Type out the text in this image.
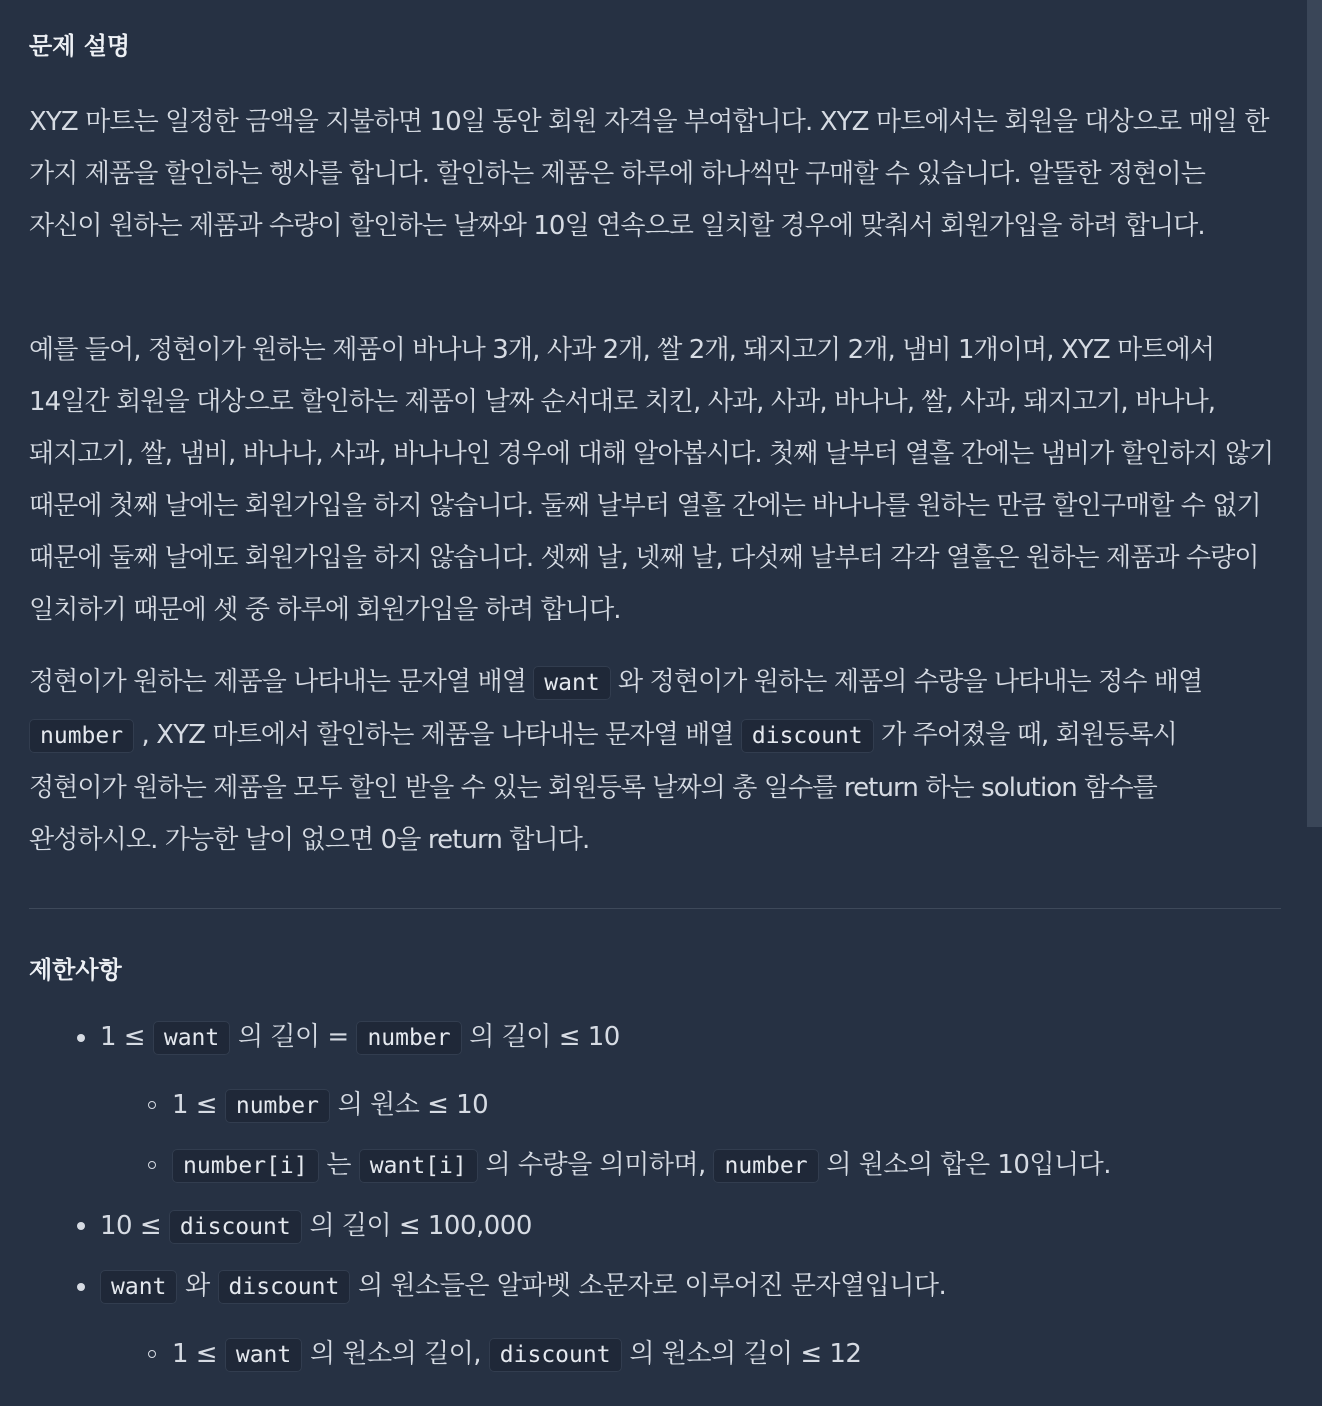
문제 설명

XYZ 마트는 일정한 금액을 지불하면 10일 동안 회원 자격을 부여합니다. XYZ 마트에서는 회원을 대상으로 매일 한 가지 제품을 할인하는 행사를 합니다. 할인하는 제품은 하루에 하나씩만 구매할 수 있습니다. 알뜰한 정현이는 자신이 원하는 제품과 수량이 할인하는 날짜와 10일 연속으로 일치할 경우에 맞춰서 회원가입을 하려 합니다.

예를 들어, 정현이가 원하는 제품이 바나나 3개, 사과 2개, 쌀 2개, 돼지고기 2개, 냄비 1개이며, XYZ 마트에서 14일간 회원을 대상으로 할인하는 제품이 날짜 순서대로 치킨, 사과, 사과, 바나나, 쌀, 사과, 돼지고기, 바나나, 돼지고기, 쌀, 냄비, 바나나, 사과, 바나나인 경우에 대해 알아봅시다. 첫째 날부터 열흘 간에는 냄비가 할인하지 않기 때문에 첫째 날에는 회원가입을 하지 않습니다. 둘째 날부터 열흘 간에는 바나나를 원하는 만큼 할인구매할 수 없기 때문에 둘째 날에도 회원가입을 하지 않습니다. 셋째 날, 넷째 날, 다섯째 날부터 각각 열흘은 원하는 제품과 수량이 일치하기 때문에 셋 중 하루에 회원가입을 하려 합니다.

정현이가 원하는 제품을 나타내는 문자열 배열 want 와 정현이가 원하는 제품의 수량을 나타내는 정수 배열 number , XYZ 마트에서 할인하는 제품을 나타내는 문자열 배열 discount 가 주어졌을 때, 회원등록시 정현이가 원하는 제품을 모두 할인 받을 수 있는 회원등록 날짜의 총 일수를 return 하는 solution 함수를 완성하시오. 가능한 날이 없으면 0을 return 합니다.

제한사항
1 ≤ want 의 길이 = number 의 길이 ≤ 10
1 ≤ number 의 원소 ≤ 10
number[i] 는 want[i] 의 수량을 의미하며, number 의 원소의 합은 10입니다.
10 ≤ discount 의 길이 ≤ 100,000
want 와 discount 의 원소들은 알파벳 소문자로 이루어진 문자열입니다.
1 ≤ want 의 원소의 길이, discount 의 원소의 길이 ≤ 12
